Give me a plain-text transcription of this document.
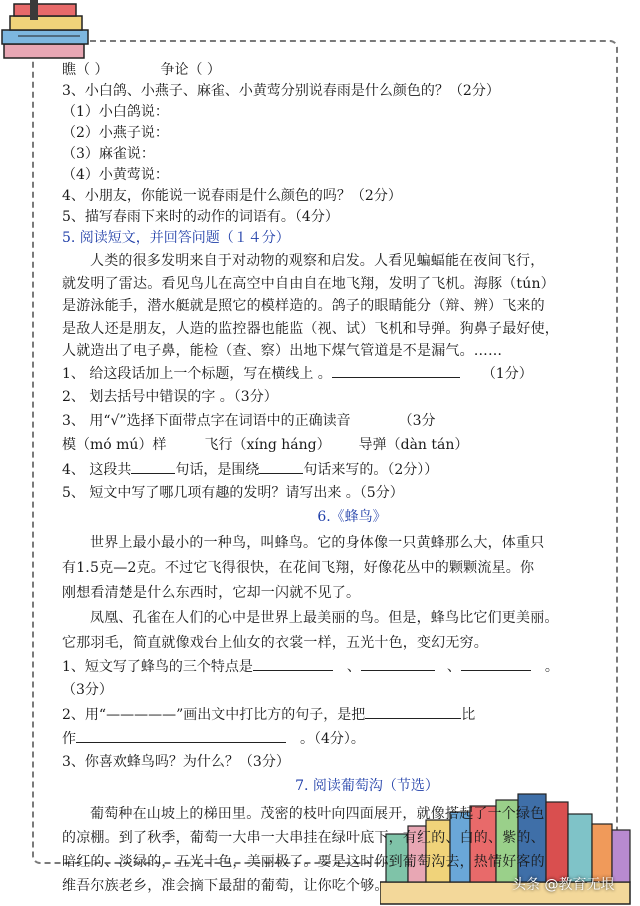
瞧（ ）	争论（ ）
3、小白鸽、小燕子、麻雀、小黄莺分别说春雨是什么颜色的？（2分）
（1）小白鸽说：
（2）小燕子说：
（3）麻雀说：
（4）小黄莺说：
4、小朋友，你能说一说春雨是什么颜色的吗？（2分）
5、描写春雨下来时的动作的词语有。（4分）
5. 阅读短文，并回答问题（１４分）

人类的很多发明来自于对动物的观察和启发。人看见蝙蝠能在夜间飞行，

就发明了雷达。看见鸟儿在高空中自由自在地飞翔，发明了飞机。海豚（tún）

是游泳能手，潜水艇就是照它的模样造的。鸽子的眼睛能分（辩、辨）飞来的

是敌人还是朋友，人造的监控器也能监（视、试）飞机和导弹。狗鼻子最好使，

人就造出了电子鼻，能检（查、察）出地下煤气管道是不是漏气。……

1、 给这段话加上一个标题，写在横线上 。	（1分）
2、 划去括号中错误的字 。（3分）
3、 用“√”选择下面带点字在词语中的正确读音	（3分
模（mó mú）样	飞行（xíng háng） 导弹（dàn tán）
4、 这段共	句话，是围绕	句话来写的。（2分））
5、 短文中写了哪几项有趣的发明？请写出来 。（5分）
6.《蜂鸟》

世界上最小最小的一种鸟，叫蜂鸟。它的身体像一只黄蜂那么大，体重只

有1.5克—2克。不过它飞得很快，在花间飞翔，好像花丛中的颗颗流星。你

刚想看清楚是什么东西时，它却一闪就不见了。

凤凰、孔雀在人们的心中是世界上最美丽的鸟。但是，蜂鸟比它们更美丽。

它那羽毛，简直就像戏台上仙女的衣裳一样，五光十色，变幻无穷。

1、短文写了蜂鸟的三个特点是	、	、	。
（3分）
2、用“—————”画出文中打比方的句子，是把	比
作	。（4分）。
3、你喜欢蜂鸟吗？为什么？（3分）
7. 阅读葡萄沟（节选）

葡萄种在山坡上的梯田里。茂密的枝叶向四面展开，就像搭起了一个绿色

的凉棚。到了秋季，葡萄一大串一大串挂在绿叶底下，有红的、白的、紫的、

暗红的、淡绿的，五光十色，美丽极了。要是这时你到葡萄沟去，热情好客的

维吾尔族老乡，准会摘下最甜的葡萄，让你吃个够。	头条 @教育无垠
